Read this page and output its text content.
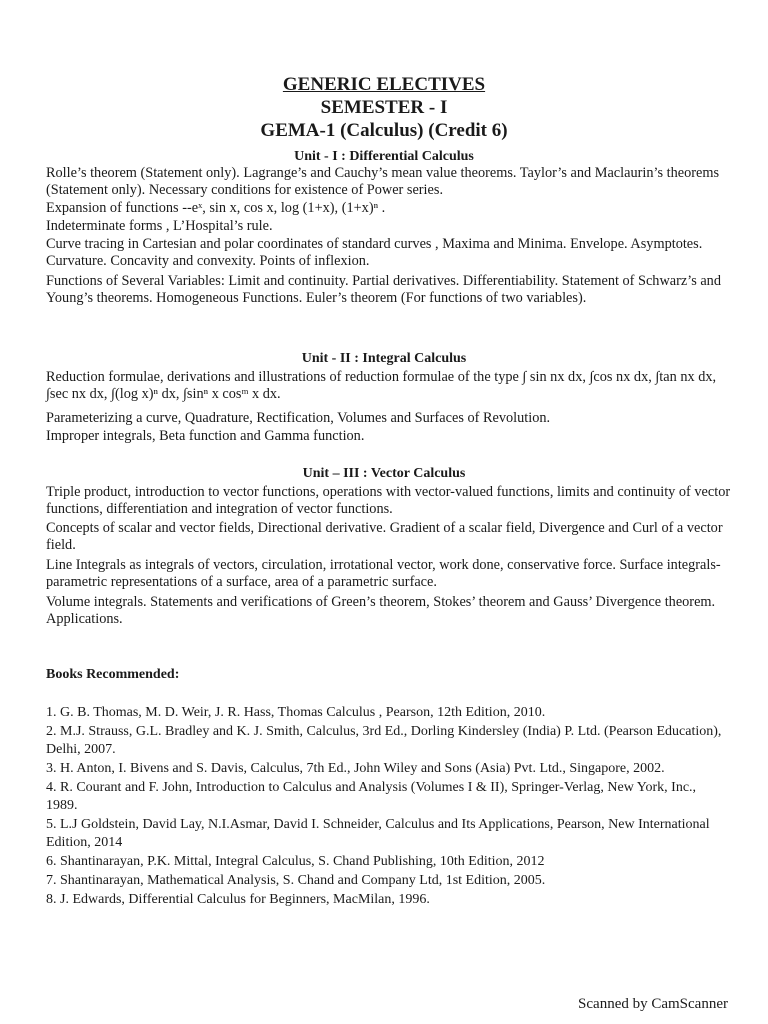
GENERIC ELECTIVES
SEMESTER - I
GEMA-1 (Calculus) (Credit 6)
Unit - I : Differential Calculus

Rolle’s theorem (Statement only). Lagrange’s and Cauchy’s mean value theorems. Taylor’s and Maclaurin’s theorems (Statement only). Necessary conditions for existence of Power series.

Expansion of functions --eˣ, sin x, cos x, log (1+x), (1+x)ⁿ .

Indeterminate forms , L’Hospital’s rule.

Curve tracing in Cartesian and polar coordinates of standard curves , Maxima and Minima. Envelope. Asymptotes. Curvature. Concavity and convexity. Points of inflexion.

Functions of Several Variables: Limit and continuity. Partial derivatives. Differentiability. Statement of Schwarz’s and Young’s theorems. Homogeneous Functions. Euler’s theorem (For functions of two variables).

Unit - II : Integral Calculus

Reduction formulae, derivations and illustrations of reduction formulae of the type ∫ sin nx dx, ∫cos nx dx, ∫tan nx dx, ∫sec nx dx, ∫(log x)ⁿ dx, ∫sinⁿ x cosᵐ x dx.

Parameterizing a curve, Quadrature, Rectification, Volumes and Surfaces of Revolution.

Improper integrals, Beta function and Gamma function.

Unit – III : Vector Calculus

Triple product, introduction to vector functions, operations with vector-valued functions, limits and continuity of vector functions, differentiation and integration of vector functions.

Concepts of scalar and vector fields, Directional derivative. Gradient of a scalar field, Divergence and Curl of a vector field.

Line Integrals as integrals of vectors, circulation, irrotational vector, work done, conservative force. Surface integrals-parametric representations of a surface, area of a parametric surface.

Volume integrals. Statements and verifications of Green’s theorem, Stokes’ theorem and Gauss’ Divergence theorem. Applications.

Books Recommended:
1. G. B. Thomas, M. D. Weir, J. R. Hass, Thomas Calculus , Pearson, 12th Edition, 2010.
2. M.J. Strauss, G.L. Bradley and K. J. Smith, Calculus, 3rd Ed., Dorling Kindersley (India) P. Ltd. (Pearson Education), Delhi, 2007.
3. H. Anton, I. Bivens and S. Davis, Calculus, 7th Ed., John Wiley and Sons (Asia) Pvt. Ltd., Singapore, 2002.
4. R. Courant and F. John, Introduction to Calculus and Analysis (Volumes I & II), Springer-Verlag, New York, Inc., 1989.
5. L.J Goldstein, David Lay, N.I.Asmar, David I. Schneider, Calculus and Its Applications, Pearson, New International Edition, 2014
6. Shantinarayan, P.K. Mittal, Integral Calculus, S. Chand Publishing, 10th Edition, 2012
7. Shantinarayan, Mathematical Analysis, S. Chand and Company Ltd, 1st Edition, 2005.
8. J. Edwards, Differential Calculus for Beginners, MacMilan, 1996.
Scanned by CamScanner
